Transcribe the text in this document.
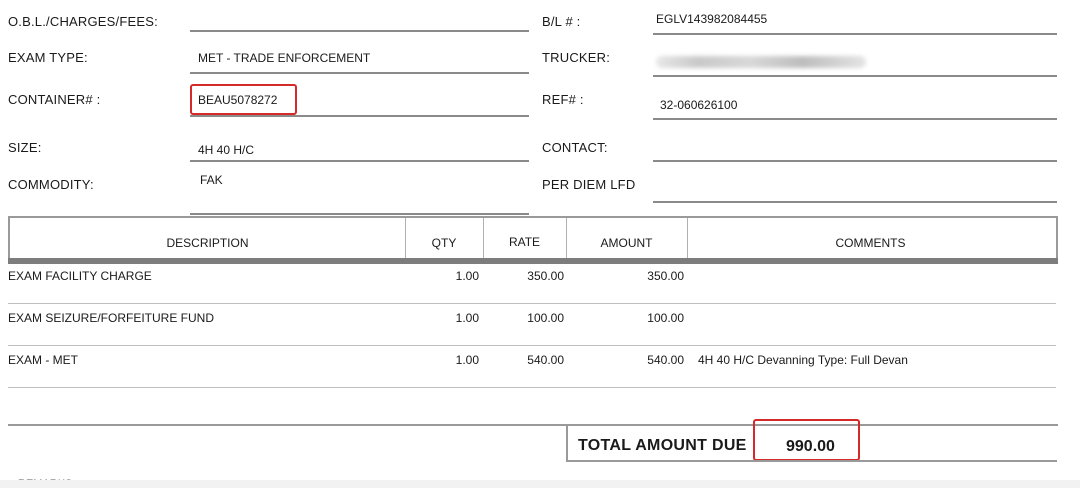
O.B.L./CHARGES/FEES:
EXAM TYPE:	MET - TRADE ENFORCEMENT
CONTAINER# :	BEAU5078272
SIZE:	4H 40 H/C
COMMODITY:	FAK
B/L # :	EGLV143982084455
TRUCKER:
REF# :	32-060626100
CONTACT:
PER DIEM LFD
DESCRIPTION	QTY	RATE	AMOUNT	COMMENTS
EXAM FACILITY CHARGE	1.00	350.00	350.00
EXAM SEIZURE/FORFEITURE FUND	1.00	100.00	100.00
EXAM - MET	1.00	540.00	540.00 4H 40 H/C Devanning Type: Full Devan
TOTAL AMOUNT DUE 990.00
